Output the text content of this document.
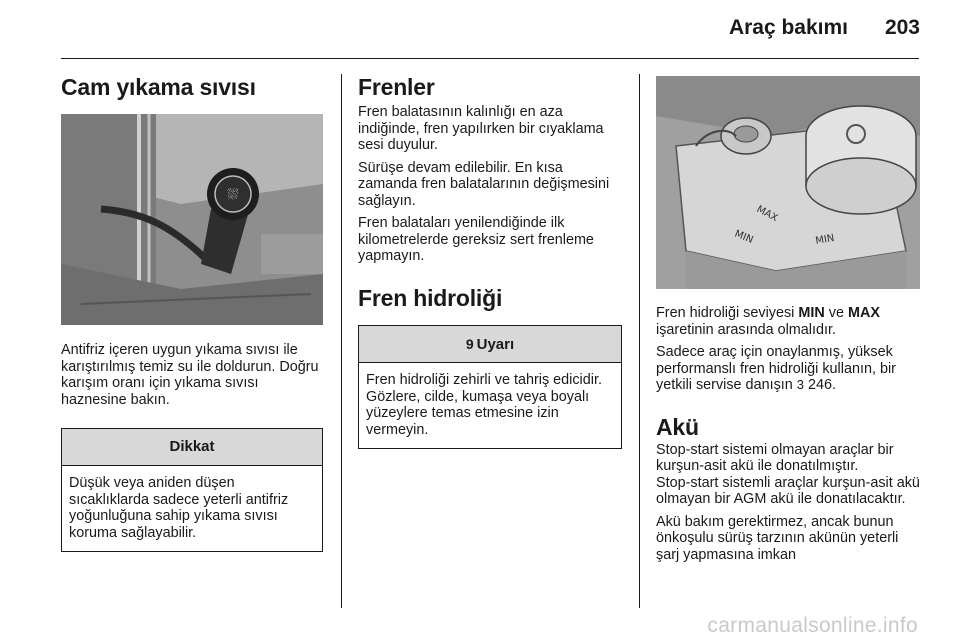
Araç bakımı 203
Cam yıkama sıvısı
⛆

Antifriz içeren uygun yıkama sıvısı ile karıştırılmış temiz su ile doldurun. Doğru karışım oranı için yıkama sıvısı haznesine bakın.

Dikkat

Düşük veya aniden düşen sıcaklıklarda sadece yeterli antifriz yoğunluğuna sahip yıkama sıvısı koruma sağlayabilir.

Frenler

Fren balatasının kalınlığı en aza indiğinde, fren yapılırken bir cıyaklama sesi duyulur.

Sürüşe devam edilebilir. En kısa zamanda fren balatalarının değişmesini sağlayın.

Fren balataları yenilendiğinde ilk kilometrelerde gereksiz sert frenleme yapmayın.

Fren hidroliği
9 Uyarı

Fren hidroliği zehirli ve tahriş edicidir. Gözlere, cilde, kumaşa veya boyalı yüzeylere temas etmesine izin vermeyin.

MAX
MIN	MIN

Fren hidroliği seviyesi MIN ve MAX işaretinin arasında olmalıdır.

Sadece araç için onaylanmış, yüksek performanslı fren hidroliği kullanın, bir yetkili servise danışın 3 246.

Akü

Stop-start sistemi olmayan araçlar bir kurşun-asit akü ile donatılmıştır.

Stop-start sistemli araçlar kurşun-asit akü olmayan bir AGM akü ile donatılacaktır.

Akü bakım gerektirmez, ancak bunun önkoşulu sürüş tarzının akünün yeterli şarj yapmasına imkan

carmanualsonline.info
